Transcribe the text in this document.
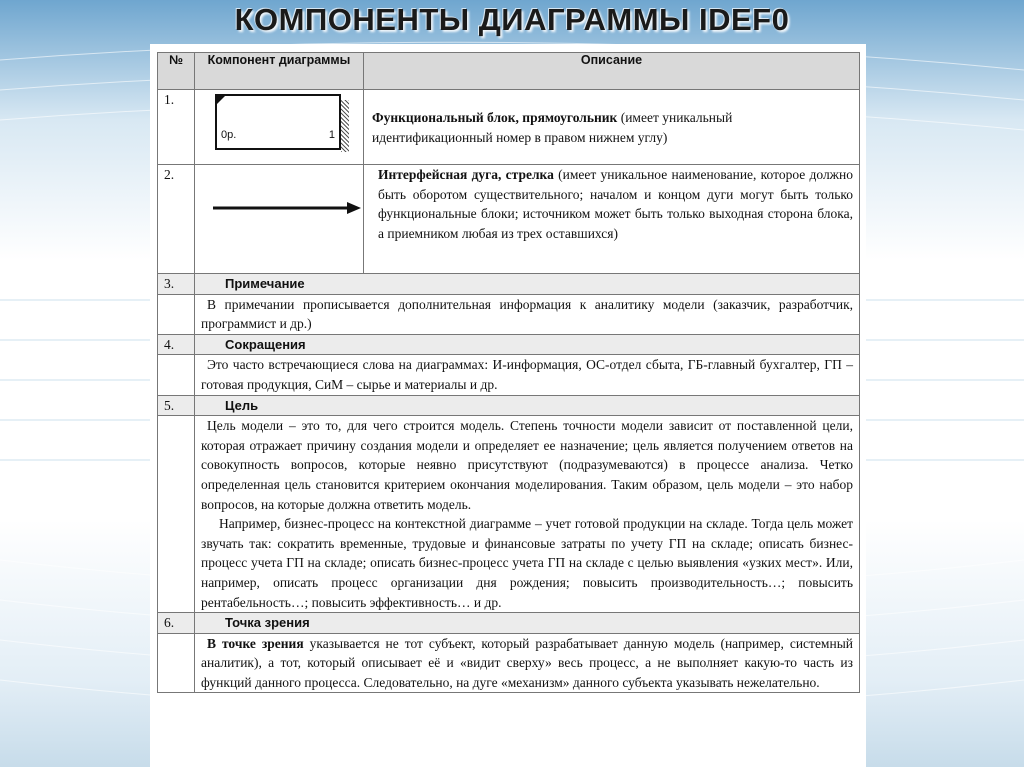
КОМПОНЕНТЫ ДИАГРАММЫ IDEF0
№	Компонент диаграммы	Описание
1.	0р. 1	Функциональный блок, прямоугольник (имеет уникальный идентификационный номер в правом нижнем углу)
2.		Интерфейсная дуга, стрелка (имеет уникальное наименование, которое должно быть оборотом существительного; началом и концом дуги могут быть только функциональные блоки; источником может быть только выходная сторона блока, а приемником любая из трех оставшихся)
3.	Примечание	
	В примечании прописывается дополнительная информация к аналитику модели (заказчик, разработчик, программист и др.)	
4.	Сокращения	
	Это часто встречающиеся слова на диаграммах: И-информация, ОС-отдел сбыта, ГБ-главный бухгалтер, ГП – готовая продукция, СиМ – сырье и материалы и др.	
5.	Цель	

	Цель модели – это то, для чего строится модель. Степень точности модели зависит от поставленной цели, которая отражает причину создания модели и определяет ее назначение; цель является получением ответов на совокупность вопросов, которые неявно присутствуют (подразумеваются) в процессе анализа. Четко определенная цель становится критерием окончания моделирования. Таким образом, цель модели – это набор вопросов, на которые должна ответить модель.
Например, бизнес-процесс на контекстной диаграмме – учет готовой продукции на складе. Тогда цель может звучать так: сократить временные, трудовые и финансовые затраты по учету ГП на складе; описать бизнес-процесс учета ГП на складе; описать бизнес-процесс учета ГП на складе с целью выявления «узких мест». Или, например, описать процесс организации дня рождения; повысить производительность…; повысить рентабельность…; повысить эффективность… и др.	

6.	Точка зрения	
	В точке зрения указывается не тот субъект, который разрабатывает данную модель (например, системный аналитик), а тот, который описывает её и «видит сверху» весь процесс, а не выполняет какую-то часть из функций данного процесса. Следовательно, на дуге «механизм» данного субъекта указывать нежелательно.	
